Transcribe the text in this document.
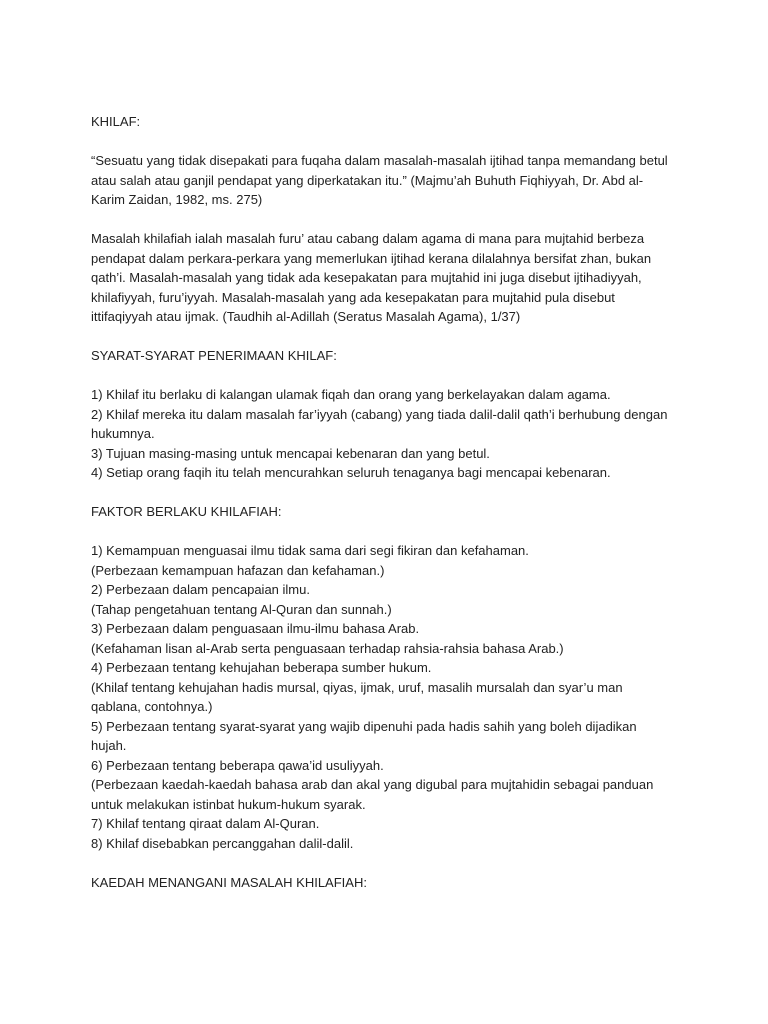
KHILAF:
“Sesuatu yang tidak disepakati para fuqaha dalam masalah-masalah ijtihad tanpa memandang betul
atau salah atau ganjil pendapat yang diperkatakan itu.” (Majmu’ah Buhuth Fiqhiyyah, Dr. Abd al-
Karim Zaidan, 1982, ms. 275)
Masalah khilafiah ialah masalah furu’ atau cabang dalam agama di mana para mujtahid berbeza
pendapat dalam perkara-perkara yang memerlukan ijtihad kerana dilalahnya bersifat zhan, bukan
qath’i. Masalah-masalah yang tidak ada kesepakatan para mujtahid ini juga disebut ijtihadiyyah,
khilafiyyah, furu’iyyah. Masalah-masalah yang ada kesepakatan para mujtahid pula disebut
ittifaqiyyah atau ijmak. (Taudhih al-Adillah (Seratus Masalah Agama), 1/37)
SYARAT-SYARAT PENERIMAAN KHILAF:
1) Khilaf itu berlaku di kalangan ulamak fiqah dan orang yang berkelayakan dalam agama.
2) Khilaf mereka itu dalam masalah far’iyyah (cabang) yang tiada dalil-dalil qath’i berhubung dengan
hukumnya.
3) Tujuan masing-masing untuk mencapai kebenaran dan yang betul.
4) Setiap orang faqih itu telah mencurahkan seluruh tenaganya bagi mencapai kebenaran.
FAKTOR BERLAKU KHILAFIAH:
1) Kemampuan menguasai ilmu tidak sama dari segi fikiran dan kefahaman.
(Perbezaan kemampuan hafazan dan kefahaman.)
2) Perbezaan dalam pencapaian ilmu.
(Tahap pengetahuan tentang Al-Quran dan sunnah.)
3) Perbezaan dalam penguasaan ilmu-ilmu bahasa Arab.
(Kefahaman lisan al-Arab serta penguasaan terhadap rahsia-rahsia bahasa Arab.)
4) Perbezaan tentang kehujahan beberapa sumber hukum.
(Khilaf tentang kehujahan hadis mursal, qiyas, ijmak, uruf, masalih mursalah dan syar’u man
qablana, contohnya.)
5) Perbezaan tentang syarat-syarat yang wajib dipenuhi pada hadis sahih yang boleh dijadikan
hujah.
6) Perbezaan tentang beberapa qawa’id usuliyyah.
(Perbezaan kaedah-kaedah bahasa arab dan akal yang digubal para mujtahidin sebagai panduan
untuk melakukan istinbat hukum-hukum syarak.
7) Khilaf tentang qiraat dalam Al-Quran.
8) Khilaf disebabkan percanggahan dalil-dalil.
KAEDAH MENANGANI MASALAH KHILAFIAH:
